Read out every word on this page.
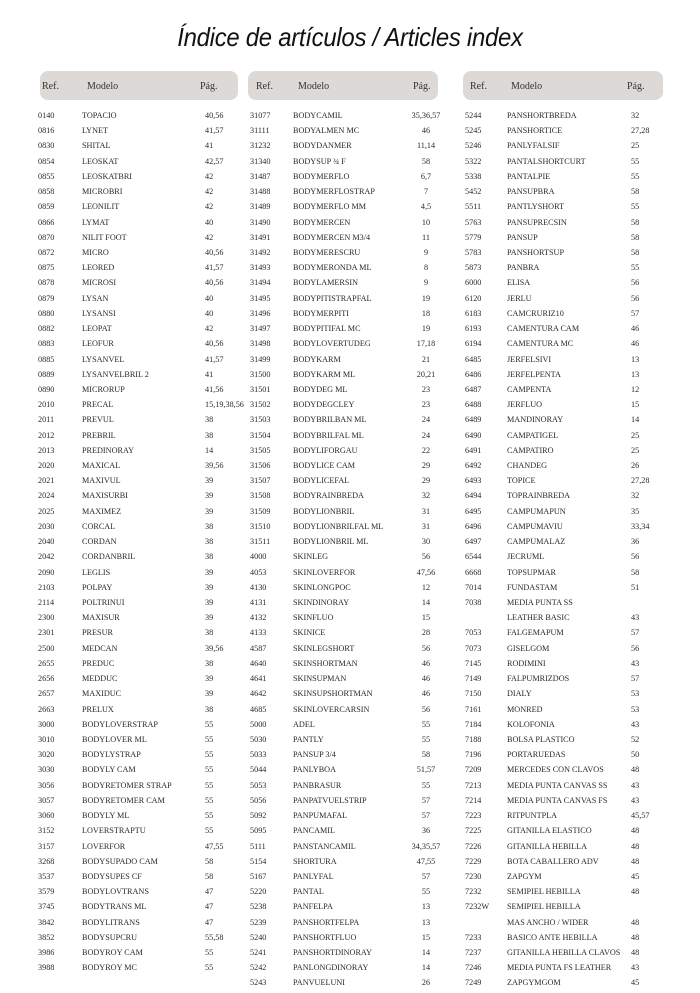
Índice de artículos / Articles index
Ref.	Modelo	Pág.
0140	TOPACIO	40,56
0816	LYNET	41,57
0830	SHITAL	41
0854	LEOSKAT	42,57
0855	LEOSKATBRI	42
0858	MICROBRI	42
0859	LEONILIT	42
0866	LYMAT	40
0870	NILIT FOOT	42
0872	MICRO	40,56
0875	LEORED	41,57
0878	MICROSI	40,56
0879	LYSAN	40
0880	LYSANSI	40
0882	LEOPAT	42
0883	LEOFUR	40,56
0885	LYSANVEL	41,57
0889	LYSANVELBRIL 2	41
0890	MICRORUP	41,56
2010	PRECAL	15,19,38,56
2011	PREVUL	38
2012	PREBRIL	38
2013	PREDINORAY	14
2020	MAXICAL	39,56
2021	MAXIVUL	39
2024	MAXISURBI	39
2025	MAXIMEZ	39
2030	CORCAL	38
2040	CORDAN	38
2042	CORDANBRIL	38
2090	LEGLIS	39
2103	POLPAY	39
2114	POLTRINUI	39
2300	MAXISUR	39
2301	PRESUR	38
2500	MEDCAN	39,56
2655	PREDUC	38
2656	MEDDUC	39
2657	MAXIDUC	39
2663	PRELUX	38
3000	BODYLOVERSTRAP	55
3010	BODYLOVER ML	55
3020	BODYLYSTRAP	55
3030	BODYLY CAM	55
3056	BODYRETOMER STRAP	55
3057	BODYRETOMER CAM	55
3060	BODYLY ML	55
3152	LOVERSTRAPTU	55
3157	LOVERFOR	47,55
3268	BODYSUPADO CAM	58
3537	BODYSUPES CF	58
3579	BODYLOVTRANS	47
3745	BODYTRANS ML	47
3842	BODYLITRANS	47
3852	BODYSUPCRU	55,58
3986	BODYROY CAM	55
3988	BODYROY MC	55
Ref.	Modelo	Pág.
31077	BODYCAMIL	35,36,57
31111	BODYALMEN MC	46
31232	BODYDANMER	11,14
31340	BODYSUP ¾ F	58
31487	BODYMERFLO	6,7
31488	BODYMERFLOSTRAP	7
31489	BODYMERFLO MM	4,5
31490	BODYMERCEN	10
31491	BODYMERCEN M3/4	11
31492	BODYMERESCRU	9
31493	BODYMERONDA ML	8
31494	BODYLAMERSIN	9
31495	BODYPITISTRAPFAL	19
31496	BODYMERPITI	18
31497	BODYPITIFAL MC	19
31498	BODYLOVERTUDEG	17,18
31499	BODYKARM	21
31500	BODYKARM ML	20,21
31501	BODYDEG ML	23
31502	BODYDEGCLEY	23
31503	BODYBRILBAN ML	24
31504	BODYBRILFAL ML	24
31505	BODYLIFORGAU	22
31506	BODYLICE CAM	29
31507	BODYLICEFAL	29
31508	BODYRAINBREDA	32
31509	BODYLIONBRIL	31
31510	BODYLIONBRILFAL ML	31
31511	BODYLIONBRIL ML	30
4000	SKINLEG	56
4053	SKINLOVERFOR	47,56
4130	SKINLONGPOC	12
4131	SKINDINORAY	14
4132	SKINFLUO	15
4133	SKINICE	28
4587	SKINLEGSHORT	56
4640	SKINSHORTMAN	46
4641	SKINSUPMAN	46
4642	SKINSUPSHORTMAN	46
4685	SKINLOVERCARSIN	56
5000	ADEL	55
5030	PANTLY	55
5033	PANSUP 3/4	58
5044	PANLYBOA	51,57
5053	PANBRASUR	55
5056	PANPATVUELSTRIP	57
5092	PANPUMAFAL	57
5095	PANCAMIL	36
5111	PANSTANCAMIL	34,35,57
5154	SHORTURA	47,55
5167	PANLYFAL	57
5220	PANTAL	55
5238	PANFELPA	13
5239	PANSHORTFELPA	13
5240	PANSHORTFLUO	15
5241	PANSHORTDINORAY	14
5242	PANLONGDINORAY	14
5243	PANVUELUNI	26
Ref. Modelo	Pág.
5244	PANSHORTBREDA	32
5245	PANSHORTICE	27,28
5246	PANLYFALSIF	25
5322	PANTALSHORTCURT	55
5338	PANTALPIE	55
5452	PANSUPBRA	58
5511	PANTLYSHORT	55
5763	PANSUPRECSIN	58
5779	PANSUP	58
5783	PANSHORTSUP	58
5873	PANBRA	55
6000	ELISA	56
6120	JERLU	56
6183	CAMCRURIZ10	57
6193	CAMENTURA CAM	46
6194	CAMENTURA MC	46
6485	JERFELSIVI	13
6486	JERFELPENTA	13
6487	CAMPENTA	12
6488	JERFLUO	15
6489	MANDINORAY	14
6490	CAMPATIGEL	25
6491	CAMPATIRO	25
6492	CHANDEG	26
6493	TOPICE	27,28
6494	TOPRAINBREDA	32
6495	CAMPUMAPUN	35
6496	CAMPUMAVIU	33,34
6497	CAMPUMALAZ	36
6544	JECRUML	56
6668	TOPSUPMAR	58
7014	FUNDASTAM	51
7038	MEDIA PUNTA SS
LEATHER BASIC	43
7053	FALGEMAPUM	57
7073	GISELGOM	56
7145	RODIMINI	43
7149	FALPUMRIZDOS	57
7150	DIALY	53
7161	MONRED	53
7184	KOLOFONIA	43
7188	BOLSA PLASTICO	52
7196	PORTARUEDAS	50
7209	MERCEDES CON CLAVOS	48
7213	MEDIA PUNTA CANVAS SS	43
7214	MEDIA PUNTA CANVAS FS	43
7223	RITPUNTPLA	45,57
7225	GITANILLA ELASTICO	48
7226	GITANILLA HEBILLA	48
7229	BOTA CABALLERO ADV	48
7230	ZAPGYM	45
7232	SEMIPIEL HEBILLA	48
7232W SEMIPIEL HEBILLA
MAS ANCHO / WIDER	48
7233	BASICO ANTE HEBILLA	48
7237	GITANILLA HEBILLA CLAVOS 48
7246	MEDIA PUNTA FS LEATHER 43
7249	ZAPGYMGOM	45
